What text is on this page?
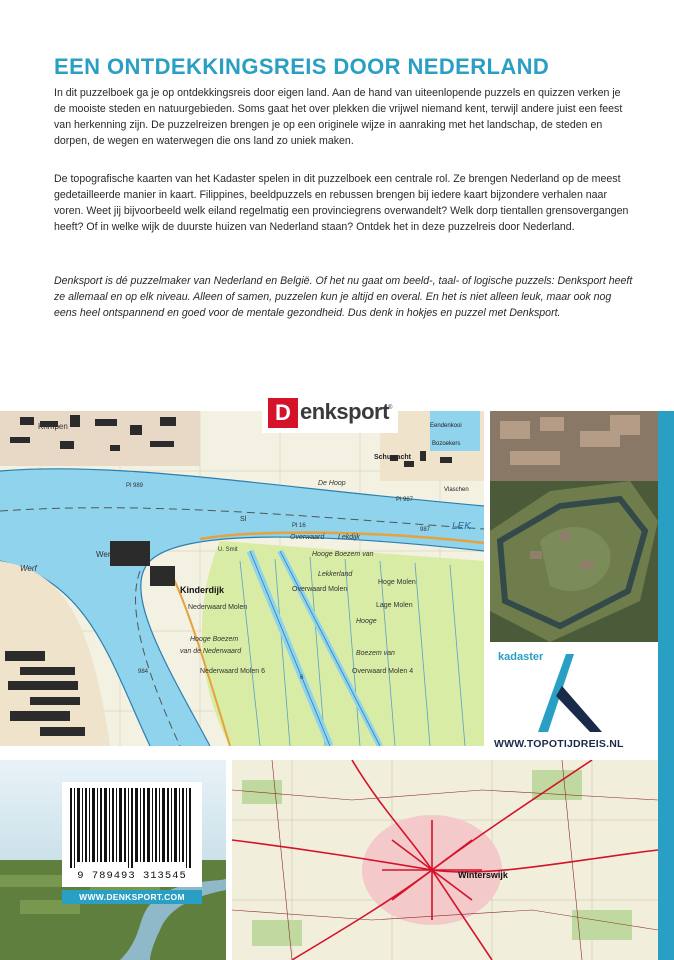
EEN ONTDEKKINGSREIS DOOR NEDERLAND

In dit puzzelboek ga je op ontdekkingsreis door eigen land. Aan de hand van uiteenlopende puzzels en quizzen verken je de mooiste steden en natuurgebieden. Soms gaat het over plekken die vrijwel niemand kent, terwijl andere juist een feest van herkenning zijn. De puzzelreizen brengen je op een originele wijze in aanraking met het landschap, de steden en dorpen, de wegen en waterwegen die ons land zo uniek maken.

De topografische kaarten van het Kadaster spelen in dit puzzelboek een centrale rol. Ze brengen Nederland op de meest gedetailleerde manier in kaart. Filippines, beeldpuzzels en rebussen brengen bij iedere kaart bijzondere verhalen naar voren. Weet jij bijvoorbeeld welk eiland regelmatig een provinciegrens overwandelt? Welk dorp tientallen grensovergangen heeft? Of in welke wijk de duurste huizen van Nederland staan? Ontdek het in deze puzzelreis door Nederland.

Denksport is dé puzzelmaker van Nederland en België. Of het nu gaat om beeld-, taal- of logische puzzels: Denksport heeft ze allemaal en op elk niveau. Alleen of samen, puzzelen kun je altijd en overal. En het is niet alleen leuk, maar ook nog eens heel ontspannend en goed voor de mentale gezondheid. Dus denk in hokjes en puzzel met Denksport.

Krimpen
Schuwacht
Eendenkooi
Bozoekers
De Hoop
Vlaschen
LEK
Lekdijk
Pl 989
Pl 987
Pl 16
987
Sl
Werf
Wer	U. Smit
Kinderdijk
Overwaard
Hooge Boezem van
Lekkerland
Hoge Molen
Lage Molen
Overwaard Molen
Nederwaard Molen
Hooge Boezem
van de Nederwaard
Nederwaard Molen 6
Hooge
Boezem van
Overwaard Molen 4
984
6
D enksport ®
kadaster
WWW.TOPOTIJDREIS.NL
Winterswijk
9 789493 313545
WWW.DENKSPORT.COM
